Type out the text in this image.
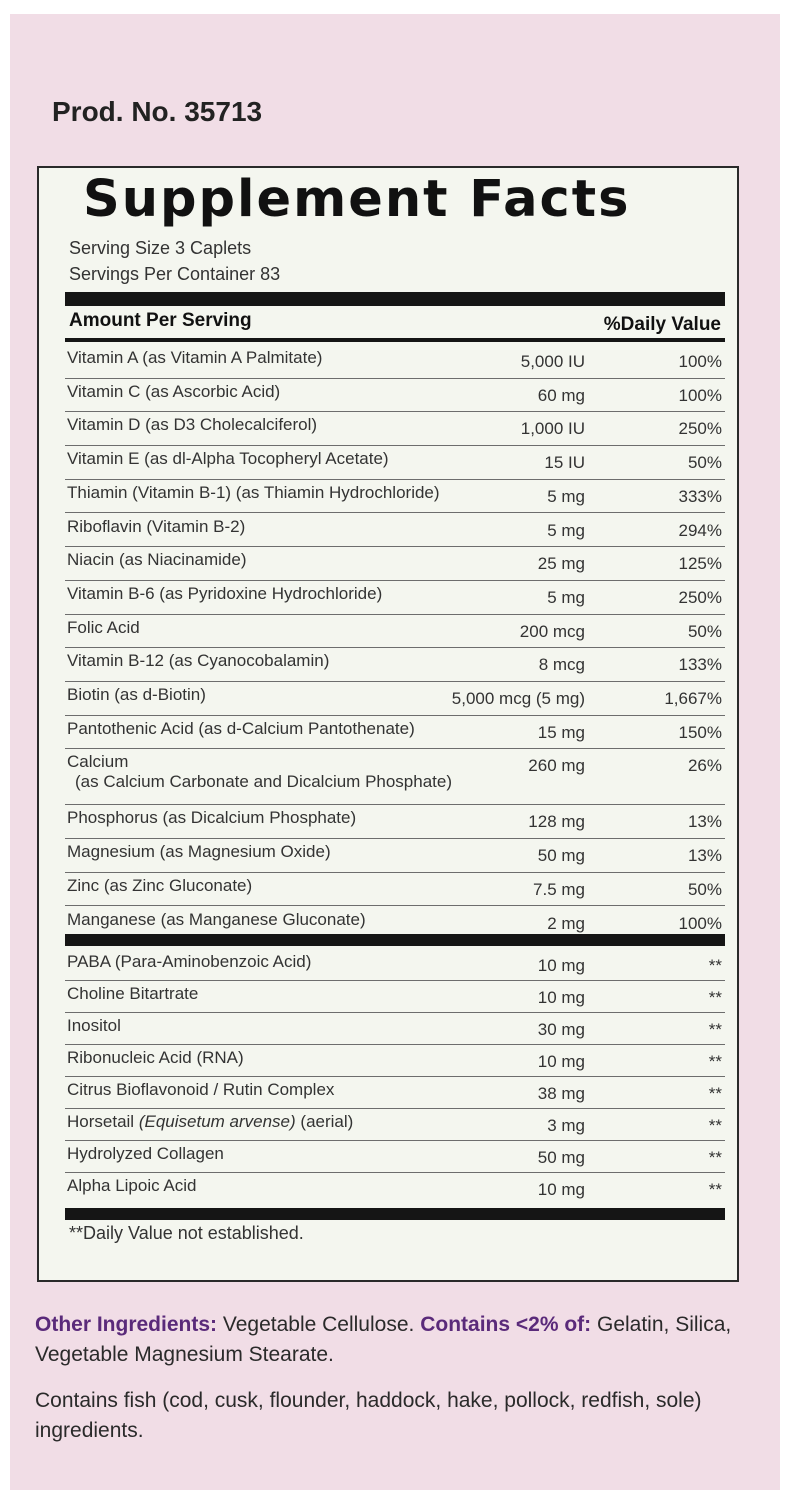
Prod. No. 35713
Supplement Facts
Serving Size 3 Caplets
Servings Per Container 83
Amount Per Serving	%Daily Value
Vitamin A (as Vitamin A Palmitate)	5,000 IU	100%
Vitamin C (as Ascorbic Acid)	60 mg	100%
Vitamin D (as D3 Cholecalciferol)	1,000 IU	250%
Vitamin E (as dl-Alpha Tocopheryl Acetate)	15 IU	50%
Thiamin (Vitamin B-1) (as Thiamin Hydrochloride)	5 mg	333%
Riboflavin (Vitamin B-2)	5 mg	294%
Niacin (as Niacinamide)	25 mg	125%
Vitamin B-6 (as Pyridoxine Hydrochloride)	5 mg	250%
Folic Acid	200 mcg	50%
Vitamin B-12 (as Cyanocobalamin)	8 mcg	133%
Biotin (as d-Biotin)	5,000 mcg (5 mg)	1,667%
Pantothenic Acid (as d-Calcium Pantothenate)	15 mg	150%
Calcium
(as Calcium Carbonate and Dicalcium Phosphate)
260 mg	26%
Phosphorus (as Dicalcium Phosphate)	128 mg	13%
Magnesium (as Magnesium Oxide)	50 mg	13%
Zinc (as Zinc Gluconate)	7.5 mg	50%
Manganese (as Manganese Gluconate)	2 mg	100%
PABA (Para-Aminobenzoic Acid)	10 mg	**
Choline Bitartrate	10 mg	**
Inositol	30 mg	**
Ribonucleic Acid (RNA)	10 mg	**
Citrus Bioflavonoid / Rutin Complex	38 mg	**
Horsetail (Equisetum arvense) (aerial)	3 mg	**
Hydrolyzed Collagen	50 mg	**
Alpha Lipoic Acid	10 mg	**
**Daily Value not established.
Other Ingredients: Vegetable Cellulose. Contains <2% of: Gelatin, Silica, Vegetable Magnesium Stearate.
Contains fish (cod, cusk, flounder, haddock, hake, pollock, redfish, sole) ingredients.
